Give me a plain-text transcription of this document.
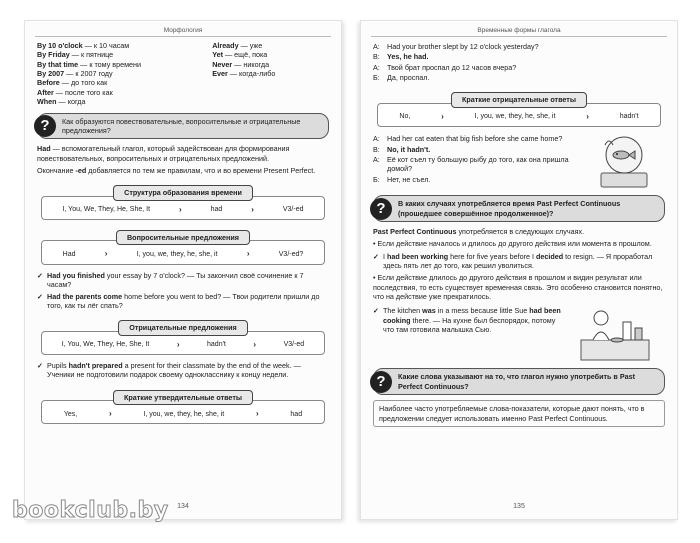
Морфология
By 10 o'clock — к 10 часам
By Friday — к пятнице
By that time — к тому времени
By 2007 — к 2007 году
Before — до того как
After — после того как
When — когда
Already — уже
Yet — ещё, пока
Never — никогда
Ever — когда-либо
?	Как образуются повествовательные, вопросительные и отрицательные предложения?
Had — вспомогательный глагол, который задействован для формирования повествовательных, вопросительных и отрицательных предложений.
Окончание -ed добавляется по тем же правилам, что и во времени Present Perfect.
Структура образования времени
I, You, We, They, He, She, It	›	had	›	V3/-ed
Вопросительные предложения
Had	›	I, you, we, they, he, she, it	›	V3/-ed?
✓ Had you finished your essay by 7 o'clock? — Ты закончил своё сочинение к 7 часам?
✓ Had the parents come home before you went to bed? — Твои родители пришли до того, как ты лёг спать?
Отрицательные предложения
I, You, We, They, He, She, It	›	hadn't	›	V3/-ed
✓ Pupils hadn't prepared a present for their classmate by the end of the week. — Ученики не подготовили подарок своему однокласснику к концу недели.
Краткие утвердительные ответы
Yes,	›	I, you, we, they, he, she, it	›	had
134
Временные формы глагола
A:	Had your brother slept by 12 o'clock yesterday?
B:	Yes, he had.
A:	Твой брат проспал до 12 часов вчера?
Б:	Да, проспал.
Краткие отрицательные ответы
No,	›	I, you, we, they, he, she, it	›	hadn't
A:	Had her cat eaten that big fish before she came home?
B:	No, it hadn't.
A:	Её кот съел ту большую рыбу до того, как она пришла домой?
Б:	Нет, не съел.
?	В каких случаях употребляется время Past Perfect Continuous (прошедшее совершённое продолженное)?
Past Perfect Continuous употребляется в следующих случаях.
• Если действие началось и длилось до другого действия или момента в прошлом.
✓ I had been working here for five years before I decided to resign. — Я проработал здесь пять лет до того, как решил уволиться.
• Если действие длилось до другого действия в прошлом и видин результат или последствия, то есть существует временная связь. Это особенно становится понятно, что на действие уже прекратилось.
✓ The kitchen was in a mess because little Sue had been cooking there. — На кухне был беспорядок, потому что там готовила малышка Сью.
?	Какие слова указывают на то, что глагол нужно употребить в Past Perfect Continuous?
Наиболее часто употребляемые слова-показатели, которые дают понять, что в предложении следует использовать именно Past Perfect Continuous.
135
bookclub.by
